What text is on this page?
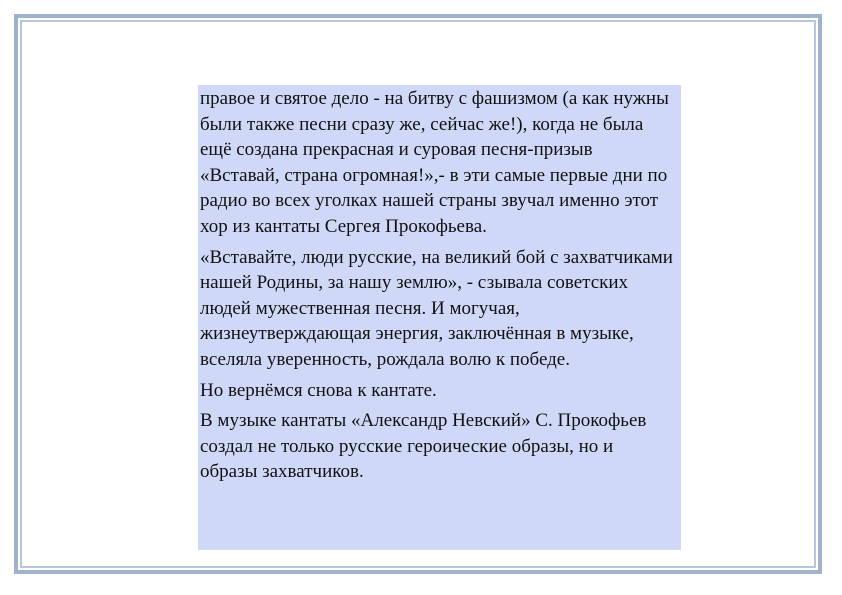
правое и святое дело - на битву с фашизмом (а как нужны были также песни сразу же, сейчас же!), когда не была ещё создана прекрасная и суровая песня-призыв «Вставай, страна огромная!»,- в эти самые первые дни по радио во всех уголках нашей страны звучал именно этот хор из кантаты Сергея Прокофьева.

«Вставайте, люди русские, на великий бой с захватчиками нашей Родины, за нашу землю», - сзывала советских людей мужественная песня. И могучая, жизнеутверждающая энергия, заключённая в музыке, вселяла уверенность, рождала волю к победе.

Но вернёмся снова к кантате.

В музыке кантаты «Александр Невский» С. Прокофьев создал не только русские героические образы, но и образы захватчиков.
